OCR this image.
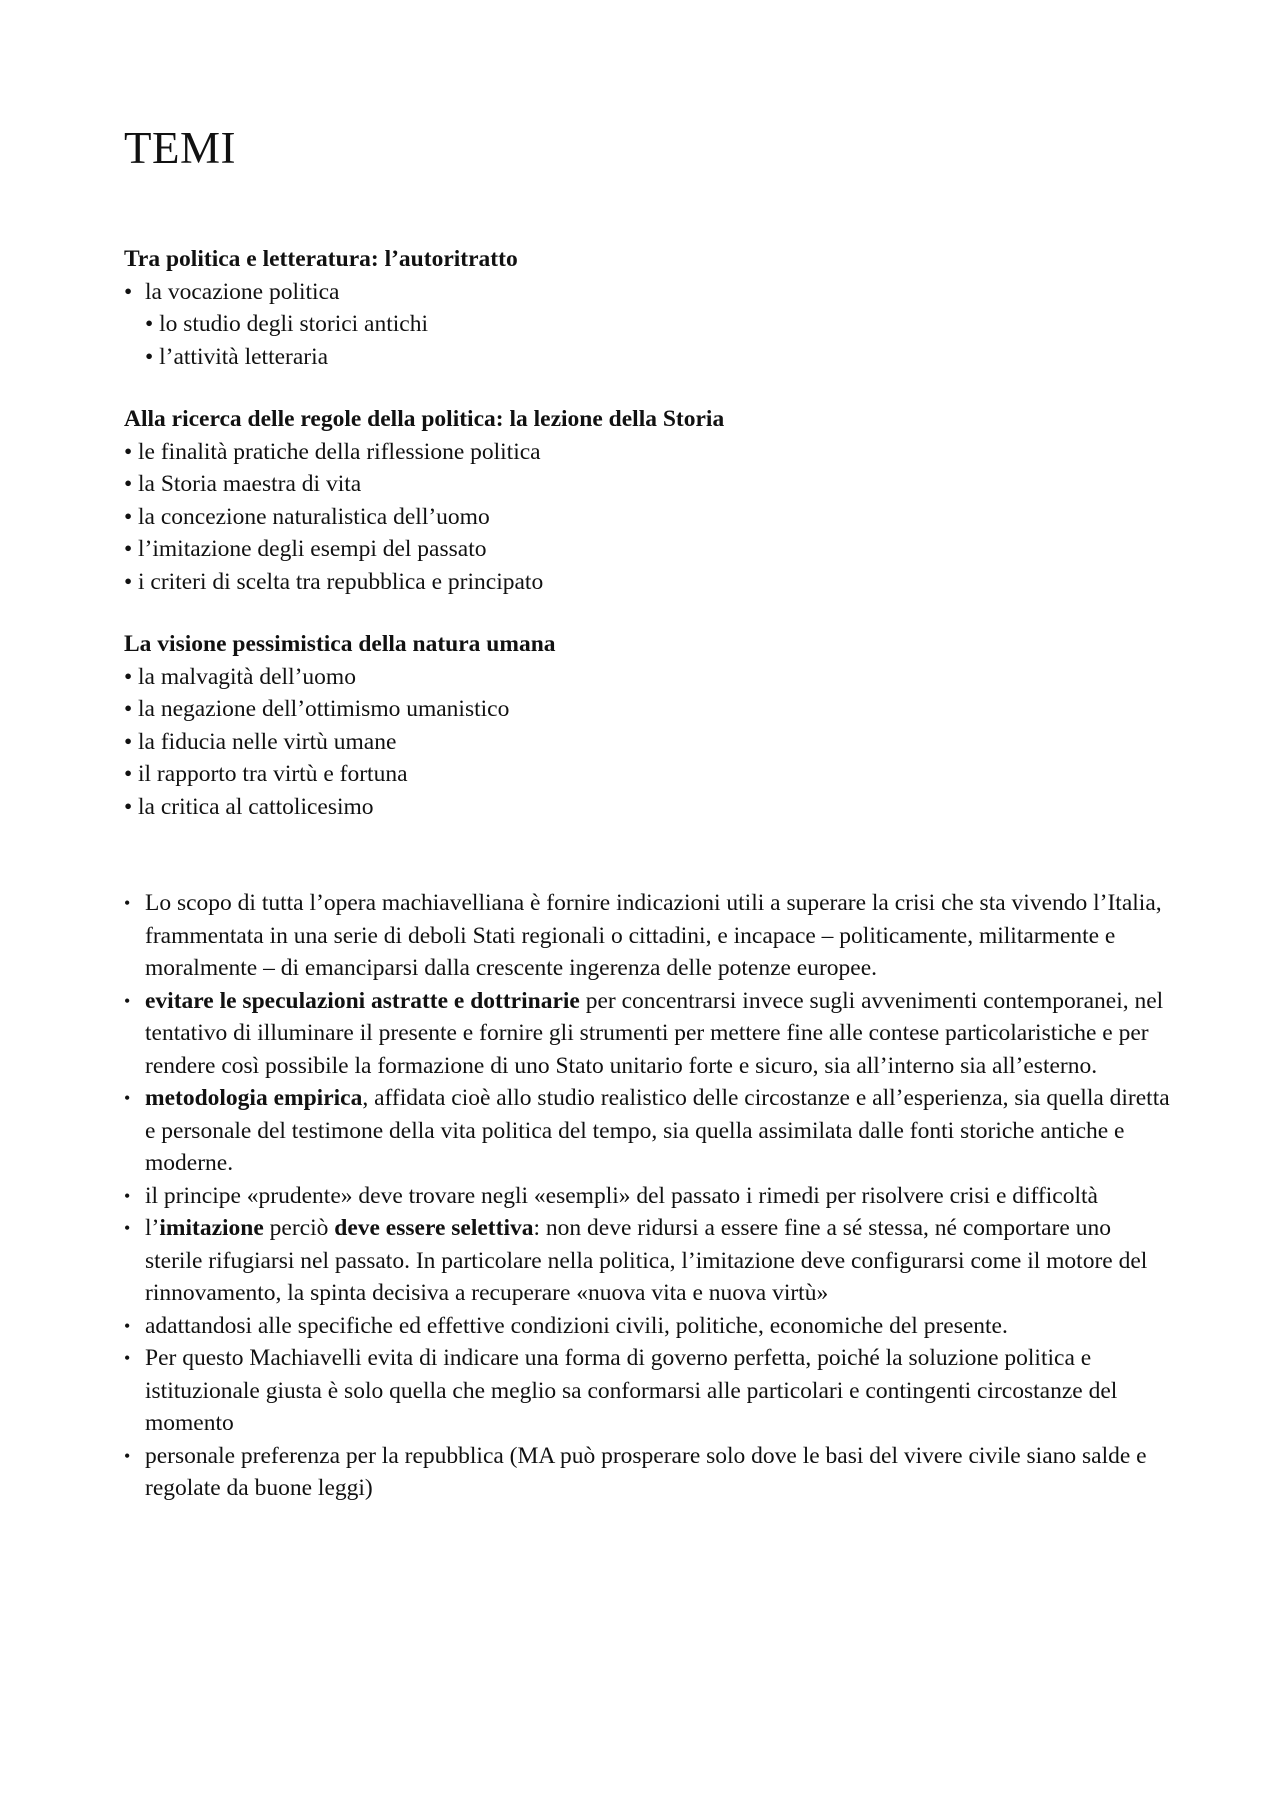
TEMI
Tra politica e letteratura: l’autoritratto
• la vocazione politica
• lo studio degli storici antichi
• l’attività letteraria
Alla ricerca delle regole della politica: la lezione della Storia
• le finalità pratiche della riflessione politica
• la Storia maestra di vita
• la concezione naturalistica dell’uomo
• l’imitazione degli esempi del passato
• i criteri di scelta tra repubblica e principato
La visione pessimistica della natura umana
• la malvagità dell’uomo
• la negazione dell’ottimismo umanistico
• la fiducia nelle virtù umane
• il rapporto tra virtù e fortuna
• la critica al cattolicesimo
• Lo scopo di tutta l’opera machiavelliana è fornire indicazioni utili a superare la crisi che sta vivendo l’Italia, frammentata in una serie di deboli Stati regionali o cittadini, e incapace – politicamente, militarmente e moralmente – di emanciparsi dalla crescente ingerenza delle potenze europee.
• evitare le speculazioni astratte e dottrinarie per concentrarsi invece sugli avvenimenti contemporanei, nel tentativo di illuminare il presente e fornire gli strumenti per mettere fine alle contese particolaristiche e per rendere così possibile la formazione di uno Stato unitario forte e sicuro, sia all’interno sia all’esterno.
• metodologia empirica, affidata cioè allo studio realistico delle circostanze e all’esperienza, sia quella diretta e personale del testimone della vita politica del tempo, sia quella assimilata dalle fonti storiche antiche e moderne.
• il principe «prudente» deve trovare negli «esempli» del passato i rimedi per risolvere crisi e difficoltà
• l’imitazione perciò deve essere selettiva: non deve ridursi a essere fine a sé stessa, né comportare uno sterile rifugiarsi nel passato. In particolare nella politica, l’imitazione deve configurarsi come il motore del rinnovamento, la spinta decisiva a recuperare «nuova vita e nuova virtù»
• adattandosi alle specifiche ed effettive condizioni civili, politiche, economiche del presente.
• Per questo Machiavelli evita di indicare una forma di governo perfetta, poiché la soluzione politica e istituzionale giusta è solo quella che meglio sa conformarsi alle particolari e contingenti circostanze del momento
• personale preferenza per la repubblica (MA può prosperare solo dove le basi del vivere civile siano salde e regolate da buone leggi)
